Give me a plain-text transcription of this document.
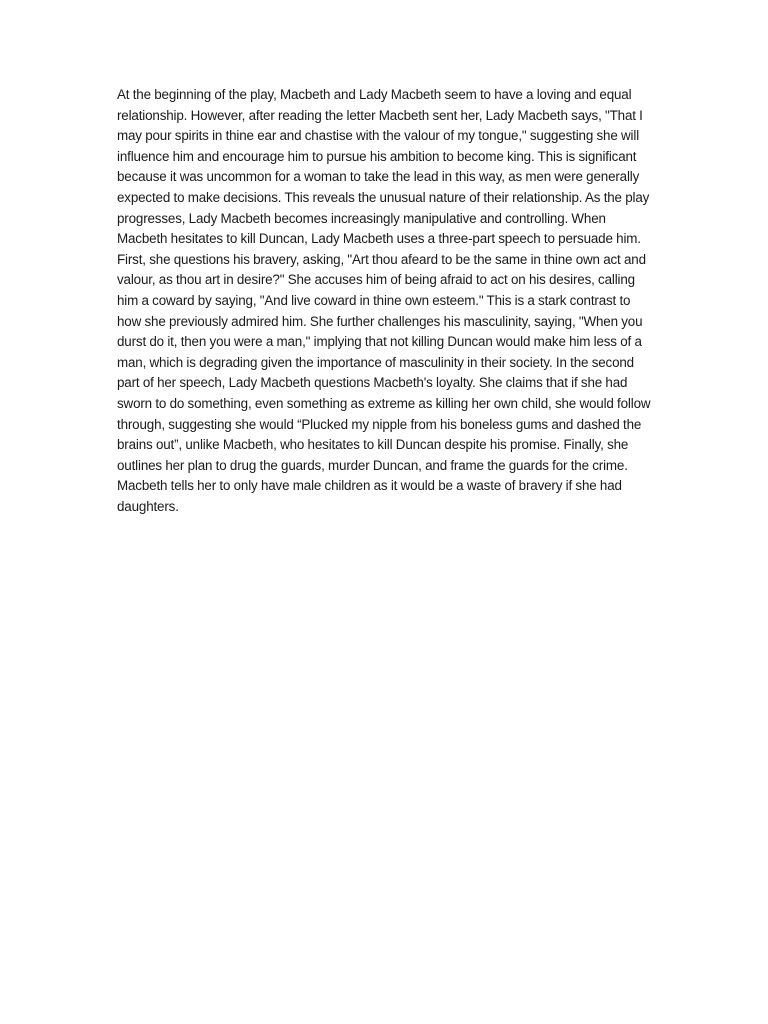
At the beginning of the play, Macbeth and Lady Macbeth seem to have a loving and equal relationship. However, after reading the letter Macbeth sent her, Lady Macbeth says, "That I may pour spirits in thine ear and chastise with the valour of my tongue," suggesting she will influence him and encourage him to pursue his ambition to become king. This is significant because it was uncommon for a woman to take the lead in this way, as men were generally expected to make decisions. This reveals the unusual nature of their relationship. As the play progresses, Lady Macbeth becomes increasingly manipulative and controlling. When Macbeth hesitates to kill Duncan, Lady Macbeth uses a three-part speech to persuade him. First, she questions his bravery, asking, "Art thou afeard to be the same in thine own act and valour, as thou art in desire?" She accuses him of being afraid to act on his desires, calling him a coward by saying, "And live coward in thine own esteem." This is a stark contrast to how she previously admired him. She further challenges his masculinity, saying, "When you durst do it, then you were a man," implying that not killing Duncan would make him less of a man, which is degrading given the importance of masculinity in their society. In the second part of her speech, Lady Macbeth questions Macbeth's loyalty. She claims that if she had sworn to do something, even something as extreme as killing her own child, she would follow through, suggesting she would “Plucked my nipple from his boneless gums and dashed the brains out”, unlike Macbeth, who hesitates to kill Duncan despite his promise. Finally, she outlines her plan to drug the guards, murder Duncan, and frame the guards for the crime. Macbeth tells her to only have male children as it would be a waste of bravery if she had daughters.
